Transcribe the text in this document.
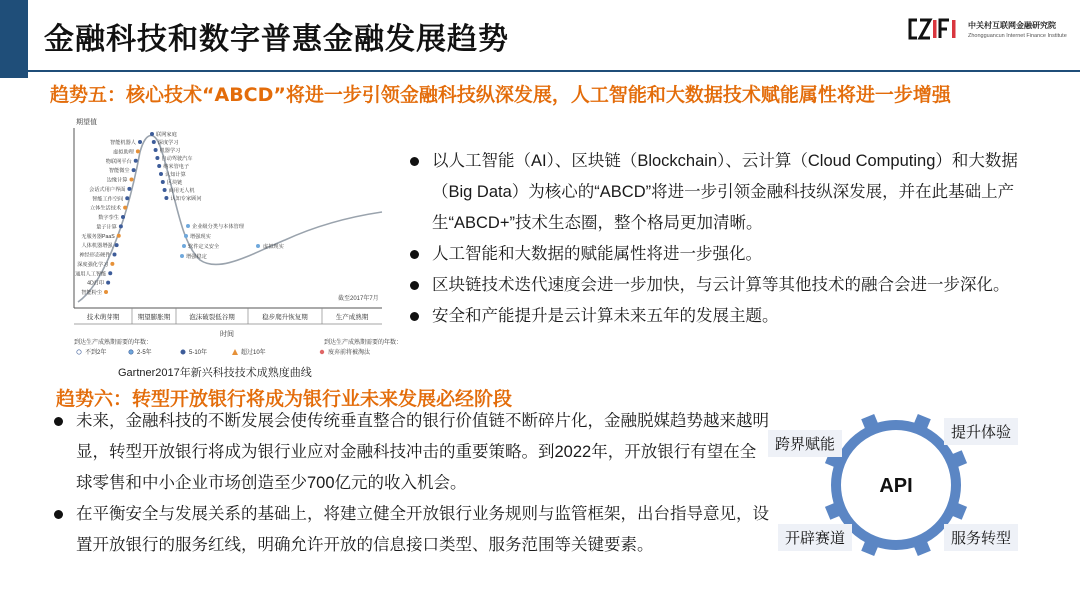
金融科技和数字普惠金融发展趋势	中关村互联网金融研究院
Zhongguancun Internet Finance Institute
趋势五：核心技术“ABCD”将进一步引领金融科技纵深发展，人工智能和大数据技术赋能属性将进一步增强
期望值
截至2017年7月
技术萌芽期	期望膨胀期	泡沫破裂低谷期	稳步爬升恢复期	生产成熟期
时间
智能粉尘
4D打印
通用人工智能
深度强化学习
神经形态硬件
人体机器增强
无服务器PaaS
量子计算
数字孪生
立体生活技术
智能工作空间
会话式用户界面
边缘计算
智能微尘
物联网平台
虚拟助理
智能机器人
联网家庭
深度学习
机器学习
自动驾驶汽车
纳米管电子
认知计算
区块链
商用无人机
认知专家顾问
企业级分类与本体管理
增强现实
软件定义安全
增强稳定
虚拟现实
到达生产成熟期需要的年数：
不到2年	2-5年	5-10年	超过10年
到达生产成熟期需要的年数：
废弃前将被淘汰
Gartner2017年新兴科技技术成熟度曲线
以人工智能（AI）、区块链（Blockchain）、云计算（Cloud Computing）和大数据（Big Data）为核心的“ABCD”将进一步引领金融科技纵深发展，并在此基础上产生“ABCD+”技术生态圈，整个格局更加清晰。
人工智能和大数据的赋能属性将进一步强化。
区块链技术迭代速度会进一步加快，与云计算等其他技术的融合会进一步深化。
安全和产能提升是云计算未来五年的发展主题。
趋势六：转型开放银行将成为银行业未来发展必经阶段
未来，金融科技的不断发展会使传统垂直整合的银行价值链不断碎片化，金融脱媒趋势越来越明显，转型开放银行将成为银行业应对金融科技冲击的重要策略。到2022年，开放银行有望在全球零售和中小企业市场创造至少700亿元的收入机会。
在平衡安全与发展关系的基础上，将建立健全开放银行业务规则与监管框架，出台指导意见，设置开放银行的服务红线，明确允许开放的信息接口类型、服务范围等关键要素。
API
跨界赋能
提升体验
开辟赛道	服务转型
